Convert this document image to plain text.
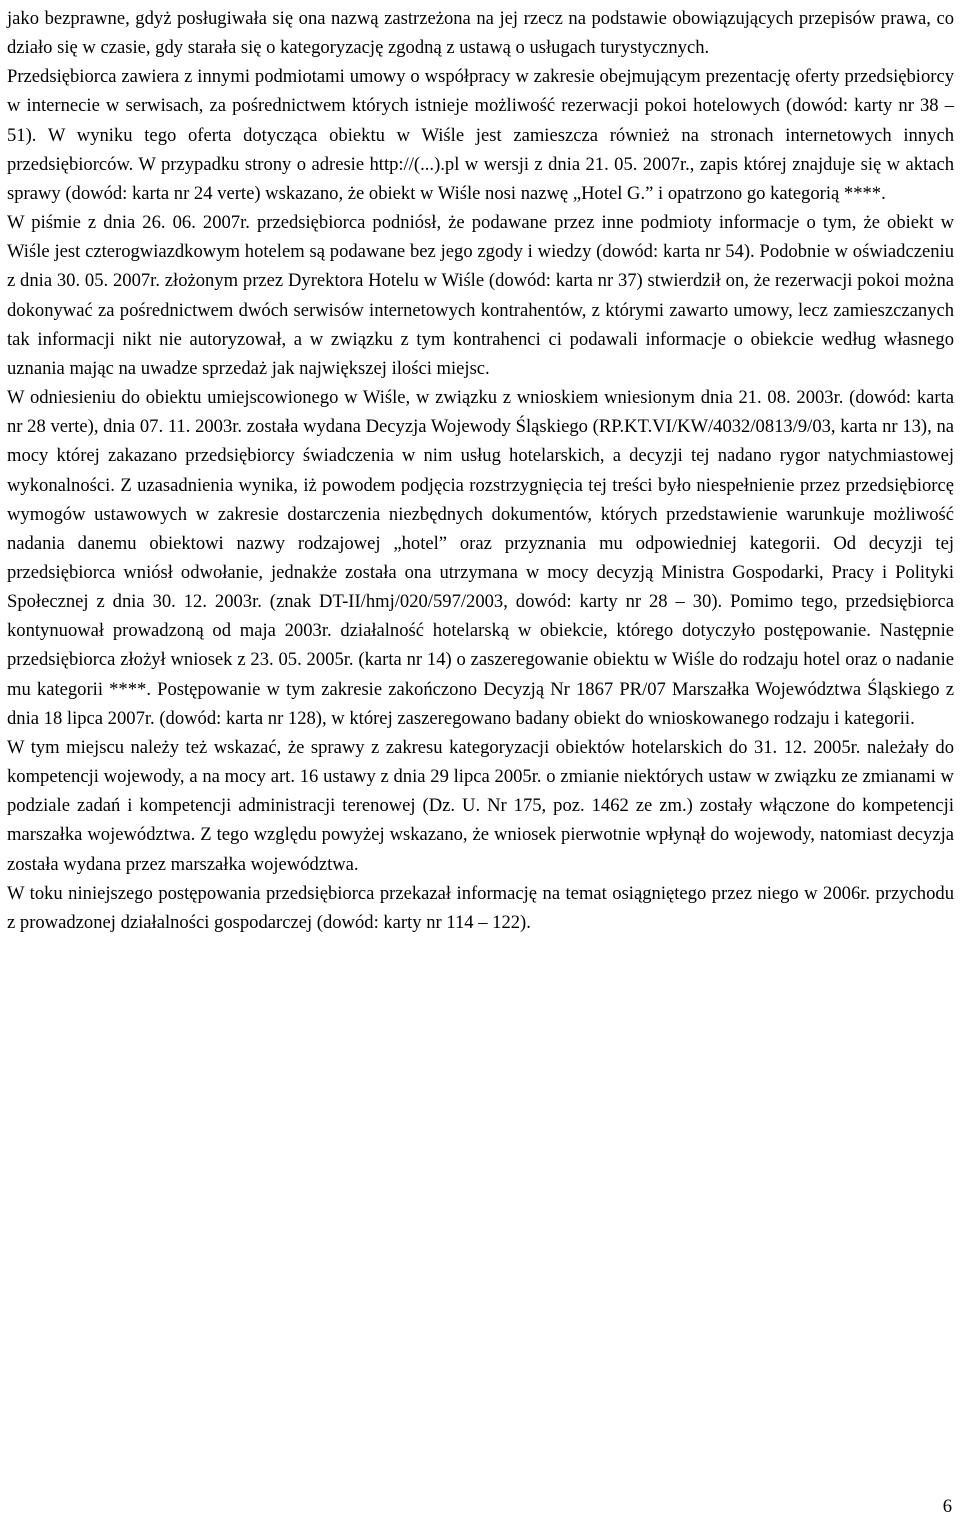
jako bezprawne, gdyż posługiwała się ona nazwą zastrzeżona na jej rzecz na podstawie obowiązujących przepisów prawa, co działo się w czasie, gdy starała się o kategoryzację zgodną z ustawą o usługach turystycznych.

Przedsiębiorca zawiera z innymi podmiotami umowy o współpracy w zakresie obejmującym prezentację oferty przedsiębiorcy w internecie w serwisach, za pośrednictwem których istnieje możliwość rezerwacji pokoi hotelowych (dowód: karty nr 38 – 51). W wyniku tego oferta dotycząca obiektu w Wiśle jest zamieszcza również na stronach internetowych innych przedsiębiorców. W przypadku strony o adresie http://(...).pl w wersji z dnia 21. 05. 2007r., zapis której znajduje się w aktach sprawy (dowód: karta nr 24 verte) wskazano, że obiekt w Wiśle nosi nazwę „Hotel G.” i opatrzono go kategorią ****.

W piśmie z dnia 26. 06. 2007r. przedsiębiorca podniósł, że podawane przez inne podmioty informacje o tym, że obiekt w Wiśle jest czterogwiazdkowym hotelem są podawane bez jego zgody i wiedzy (dowód: karta nr 54). Podobnie w oświadczeniu z dnia 30. 05. 2007r. złożonym przez Dyrektora Hotelu w Wiśle (dowód: karta nr 37) stwierdził on, że rezerwacji pokoi można dokonywać za pośrednictwem dwóch serwisów internetowych kontrahentów, z którymi zawarto umowy, lecz zamieszczanych tak informacji nikt nie autoryzował, a w związku z tym kontrahenci ci podawali informacje o obiekcie według własnego uznania mając na uwadze sprzedaż jak największej ilości miejsc.

W odniesieniu do obiektu umiejscowionego w Wiśle, w związku z wnioskiem wniesionym dnia 21. 08. 2003r. (dowód: karta nr 28 verte), dnia 07. 11. 2003r. została wydana Decyzja Wojewody Śląskiego (RP.KT.VI/KW/4032/0813/9/03, karta nr 13), na mocy której zakazano przedsiębiorcy świadczenia w nim usług hotelarskich, a decyzji tej nadano rygor natychmiastowej wykonalności. Z uzasadnienia wynika, iż powodem podjęcia rozstrzygnięcia tej treści było niespełnienie przez przedsiębiorcę wymogów ustawowych w zakresie dostarczenia niezbędnych dokumentów, których przedstawienie warunkuje możliwość nadania danemu obiektowi nazwy rodzajowej „hotel” oraz przyznania mu odpowiedniej kategorii. Od decyzji tej przedsiębiorca wniósł odwołanie, jednakże została ona utrzymana w mocy decyzją Ministra Gospodarki, Pracy i Polityki Społecznej z dnia 30. 12. 2003r. (znak DT-II/hmj/020/597/2003, dowód: karty nr 28 – 30). Pomimo tego, przedsiębiorca kontynuował prowadzoną od maja 2003r. działalność hotelarską w obiekcie, którego dotyczyło postępowanie. Następnie przedsiębiorca złożył wniosek z 23. 05. 2005r. (karta nr 14) o zaszeregowanie obiektu w Wiśle do rodzaju hotel oraz o nadanie mu kategorii ****. Postępowanie w tym zakresie zakończono Decyzją Nr 1867 PR/07 Marszałka Województwa Śląskiego z dnia 18 lipca 2007r. (dowód: karta nr 128), w której zaszeregowano badany obiekt do wnioskowanego rodzaju i kategorii.

W tym miejscu należy też wskazać, że sprawy z zakresu kategoryzacji obiektów hotelarskich do 31. 12. 2005r. należały do kompetencji wojewody, a na mocy art. 16 ustawy z dnia 29 lipca 2005r. o zmianie niektórych ustaw w związku ze zmianami w podziale zadań i kompetencji administracji terenowej (Dz. U. Nr 175, poz. 1462 ze zm.) zostały włączone do kompetencji marszałka województwa. Z tego względu powyżej wskazano, że wniosek pierwotnie wpłynął do wojewody, natomiast decyzja została wydana przez marszałka województwa.

W toku niniejszego postępowania przedsiębiorca przekazał informację na temat osiągniętego przez niego w 2006r. przychodu z prowadzonej działalności gospodarczej (dowód: karty nr 114 – 122).

6
